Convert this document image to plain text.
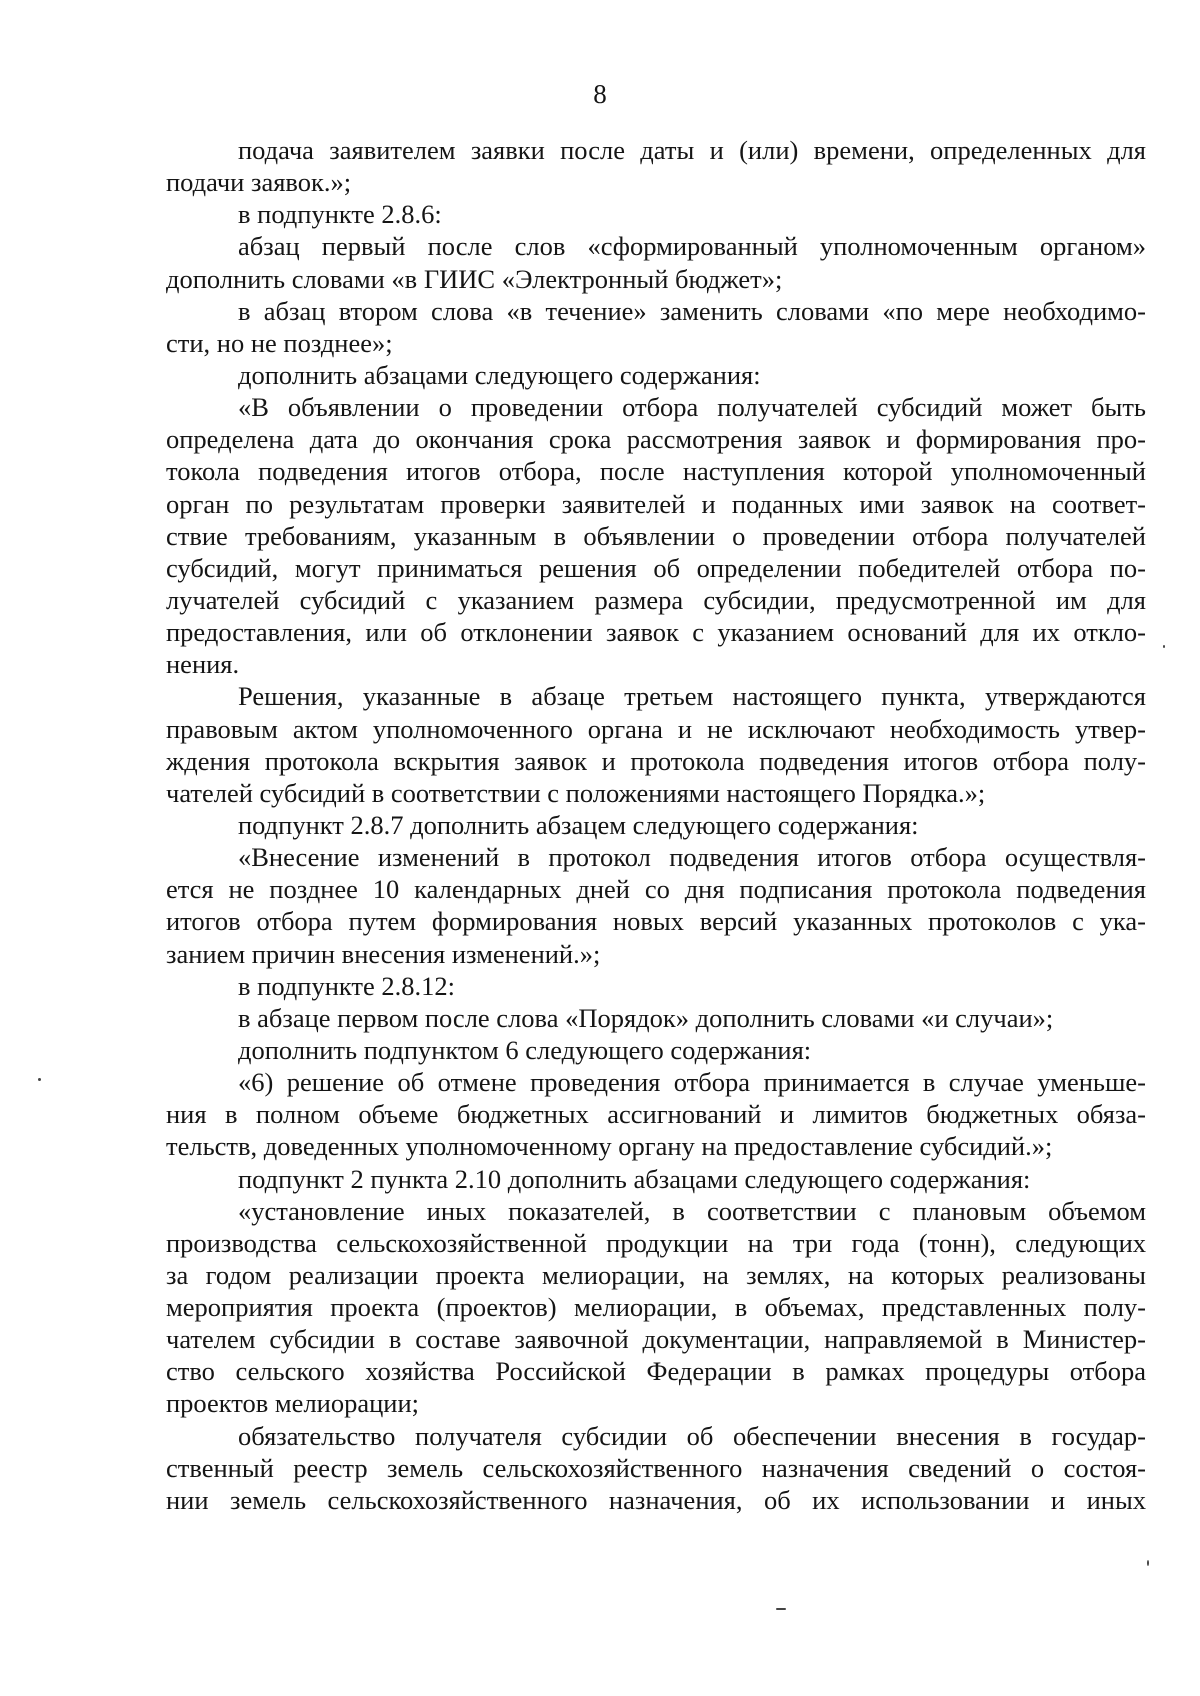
8
подача заявителем заявки после даты и (или) времени, определенных для
подачи заявок.»;
в подпункте 2.8.6:
абзац первый после слов «сформированный уполномоченным органом»
дополнить словами «в ГИИС «Электронный бюджет»;
в абзац втором слова «в течение» заменить словами «по мере необходимо-
сти, но не позднее»;
дополнить абзацами следующего содержания:
«В объявлении о проведении отбора получателей субсидий может быть
определена дата до окончания срока рассмотрения заявок и формирования про-
токола подведения итогов отбора, после наступления которой уполномоченный
орган по результатам проверки заявителей и поданных ими заявок на соответ-
ствие требованиям, указанным в объявлении о проведении отбора получателей
субсидий, могут приниматься решения об определении победителей отбора по-
лучателей субсидий с указанием размера субсидии, предусмотренной им для
предоставления, или об отклонении заявок с указанием оснований для их откло-
нения.
Решения, указанные в абзаце третьем настоящего пункта, утверждаются
правовым актом уполномоченного органа и не исключают необходимость утвер-
ждения протокола вскрытия заявок и протокола подведения итогов отбора полу-
чателей субсидий в соответствии с положениями настоящего Порядка.»;
подпункт 2.8.7 дополнить абзацем следующего содержания:
«Внесение изменений в протокол подведения итогов отбора осуществля-
ется не позднее 10 календарных дней со дня подписания протокола подведения
итогов отбора путем формирования новых версий указанных протоколов с ука-
занием причин внесения изменений.»;
в подпункте 2.8.12:
в абзаце первом после слова «Порядок» дополнить словами «и случаи»;
дополнить подпунктом 6 следующего содержания:
«6) решение об отмене проведения отбора принимается в случае уменьше-
ния в полном объеме бюджетных ассигнований и лимитов бюджетных обяза-
тельств, доведенных уполномоченному органу на предоставление субсидий.»;
подпункт 2 пункта 2.10 дополнить абзацами следующего содержания:
«установление иных показателей, в соответствии с плановым объемом
производства сельскохозяйственной продукции на три года (тонн), следующих
за годом реализации проекта мелиорации, на землях, на которых реализованы
мероприятия проекта (проектов) мелиорации, в объемах, представленных полу-
чателем субсидии в составе заявочной документации, направляемой в Министер-
ство сельского хозяйства Российской Федерации в рамках процедуры отбора
проектов мелиорации;
обязательство получателя субсидии об обеспечении внесения в государ-
ственный реестр земель сельскохозяйственного назначения сведений о состоя-
нии земель сельскохозяйственного назначения, об их использовании и иных
